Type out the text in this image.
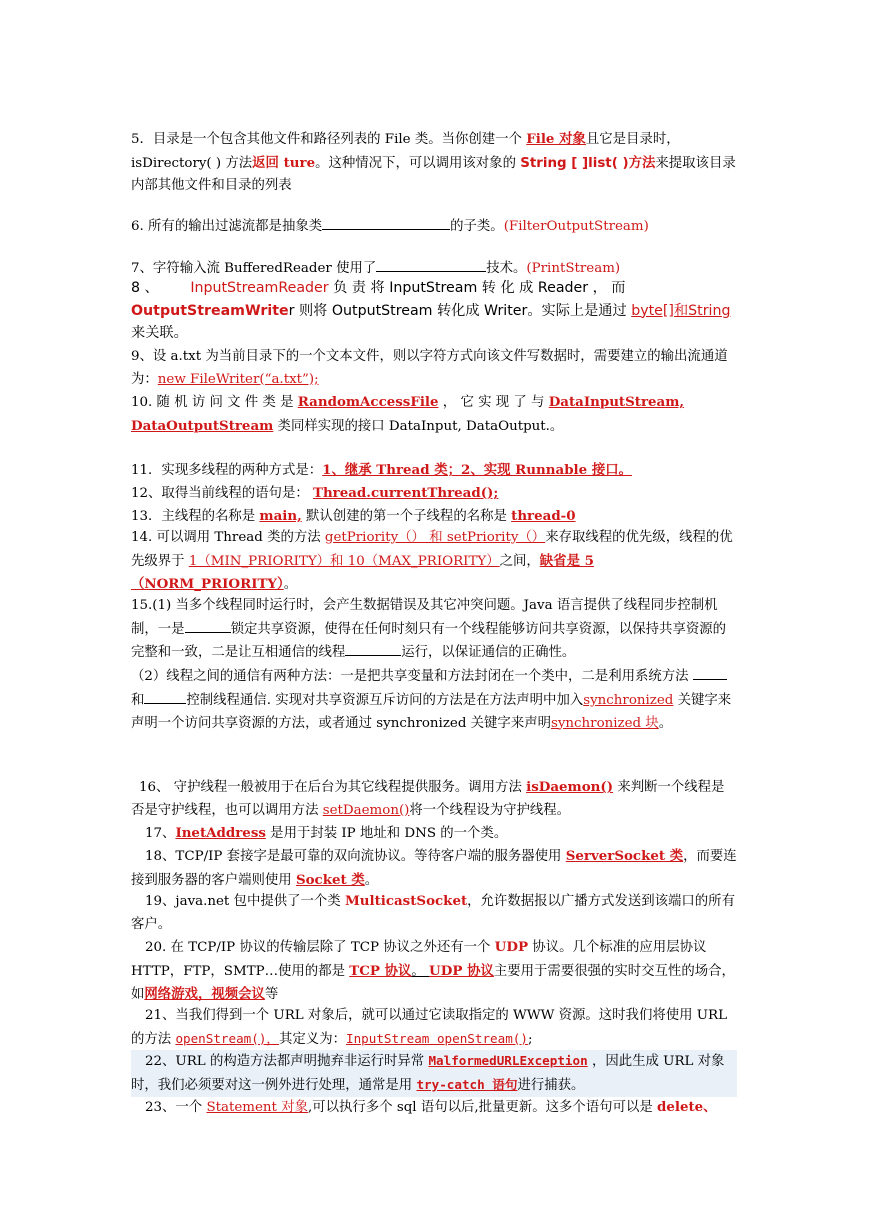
5．目录是一个包含其他文件和路径列表的 File 类。当你创建一个 File 对象且它是目录时，isDirectory( ) 方法返回 ture。这种情况下，可以调用该对象的 String [ ]list( )方法来提取该目录内部其他文件和目录的列表

6. 所有的输出过滤流都是抽象类	的子类。(FilterOutputStream)

7、字符输入流 BufferedReader 使用了	技术。(PrintStream)

8 、 InputStreamReader 负 责 将 InputStream 转 化 成 Reader ， 而
OutputStreamWriter 则将 OutputStream 转化成 Writer。实际上是通过 byte[]和String 来关联。

9、设 a.txt 为当前目录下的一个文本文件，则以字符方式向该文件写数据时，需要建立的输出流通道为：new FileWriter(“a.txt”);

10. 随 机 访 问 文 件 类 是 RandomAccessFile ， 它 实 现 了 与 DataInputStream, DataOutputStream 类同样实现的接口 DataInput, DataOutput.。

11．实现多线程的两种方式是：1、继承 Thread 类；2、实现 Runnable 接口。

12、取得当前线程的语句是： Thread.currentThread();

13．主线程的名称是 main, 默认创建的第一个子线程的名称是 thread-0

14. 可以调用 Thread 类的方法 getPriority（） 和 setPriority（）来存取线程的优先级，线程的优先级界于 1（MIN_PRIORITY）和 10（MAX_PRIORITY）之间，缺省是 5（NORM_PRIORITY）。

15.(1) 当多个线程同时运行时，会产生数据错误及其它冲突问题。Java 语言提供了线程同步控制机制，一是	锁定共享资源，使得在任何时刻只有一个线程能够访问共享资源，以保持共享资源的完整和一致，二是让互相通信的线程	运行，以保证通信的正确性。
（2）线程之间的通信有两种方法：一是把共享变量和方法封闭在一个类中，二是利用系统方法 和	控制线程通信. 实现对共享资源互斥访问的方法是在方法声明中加入synchronized 关键字来声明一个访问共享资源的方法，或者通过 synchronized 关键字来声明synchronized 块。

16、 守护线程一般被用于在后台为其它线程提供服务。调用方法 isDaemon() 来判断一个线程是否是守护线程，也可以调用方法 setDaemon()将一个线程设为守护线程。

17、InetAddress 是用于封装 IP 地址和 DNS 的一个类。

18、TCP/IP 套接字是最可靠的双向流协议。等待客户端的服务器使用 ServerSocket 类，而要连接到服务器的客户端则使用 Socket 类。

19、java.net 包中提供了一个类 MulticastSocket，允许数据报以广播方式发送到该端口的所有客户。

20. 在 TCP/IP 协议的传输层除了 TCP 协议之外还有一个 UDP 协议。几个标准的应用层协议 HTTP，FTP，SMTP…使用的都是 TCP 协议。 UDP 协议主要用于需要很强的实时交互性的场合，如网络游戏，视频会议等

21、当我们得到一个 URL 对象后，就可以通过它读取指定的 WWW 资源。这时我们将使用 URL 的方法 openStream()，其定义为：InputStream openStream();

22、URL 的构造方法都声明抛弃非运行时异常 MalformedURLException ，因此生成 URL 对象时，我们必须要对这一例外进行处理，通常是用 try-catch 语句进行捕获。

23、一个 Statement 对象,可以执行多个 sql 语句以后,批量更新。这多个语句可以是 delete、
